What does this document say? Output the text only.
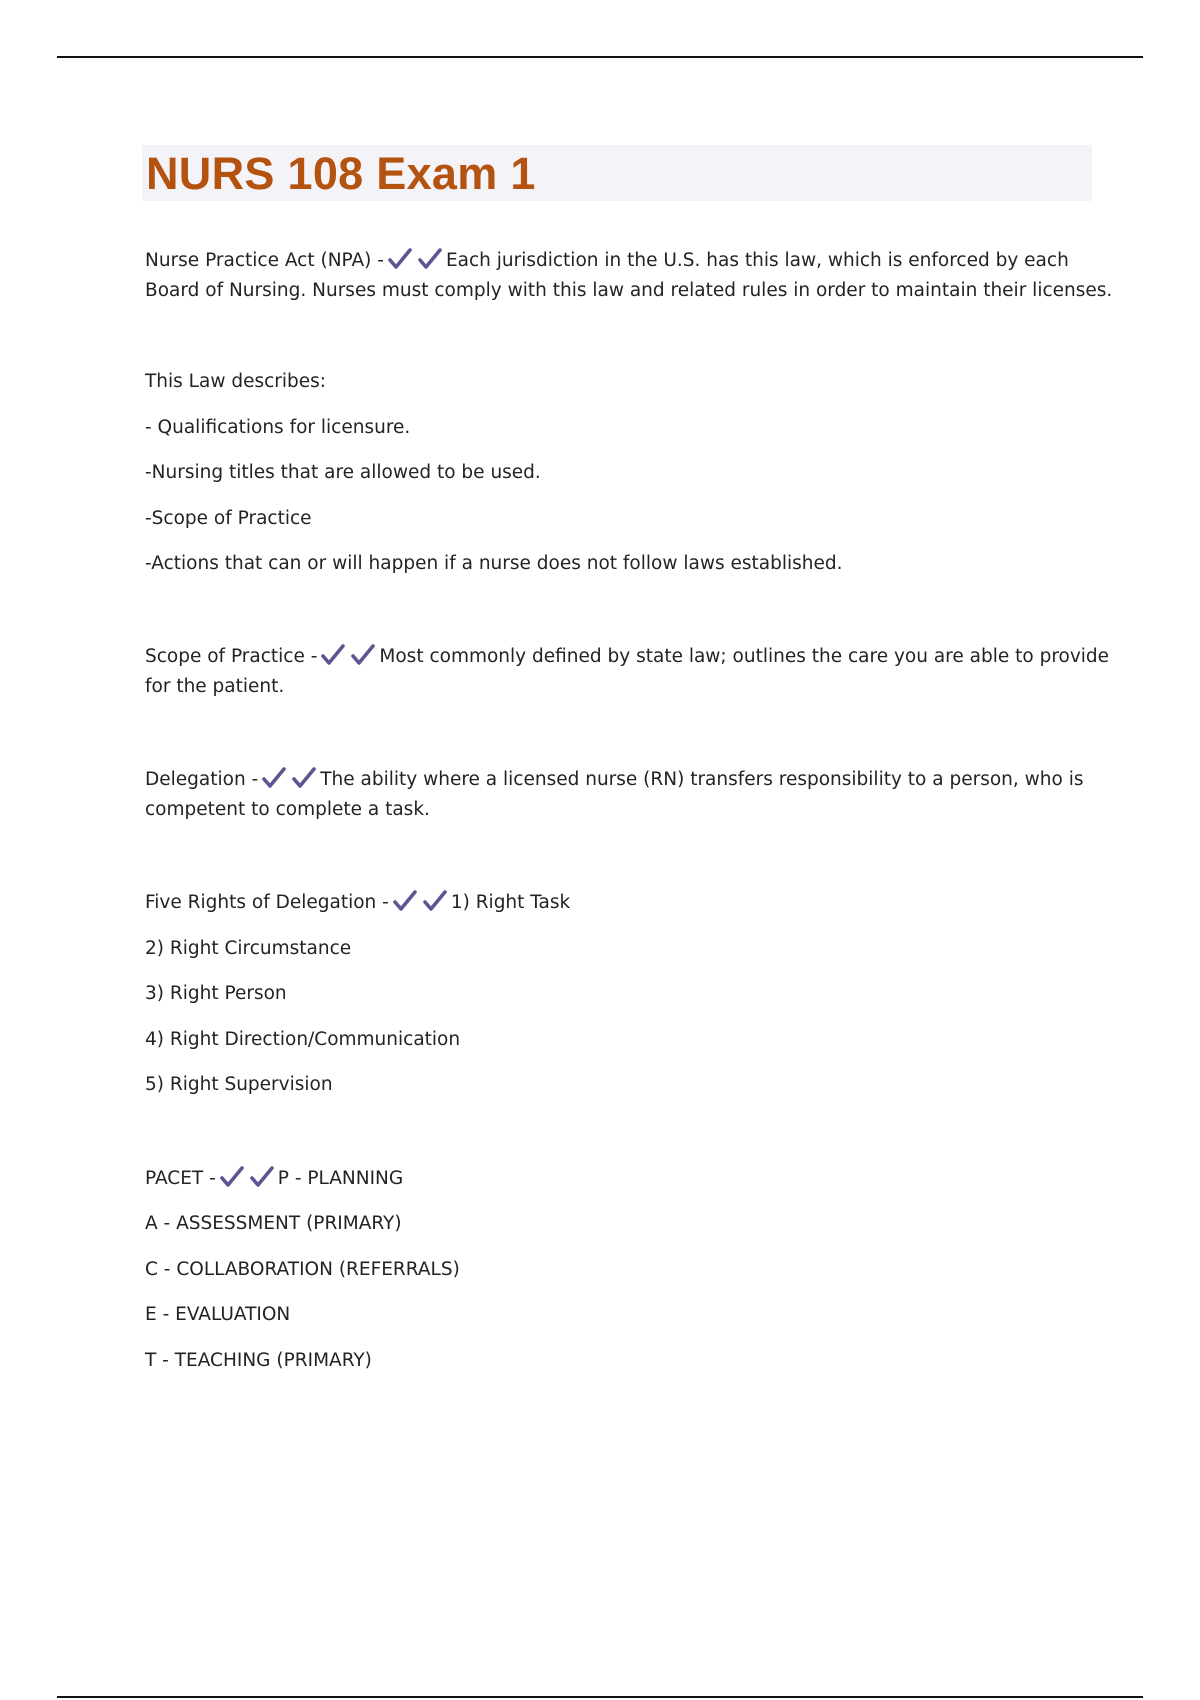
NURS 108 Exam 1

Nurse Practice Act (NPA) -	Each jurisdiction in the U.S. has this law, which is enforced by each

Board of Nursing. Nurses must comply with this law and related rules in order to maintain their licenses.

This Law describes:

- Qualifications for licensure.

-Nursing titles that are allowed to be used.

-Scope of Practice

-Actions that can or will happen if a nurse does not follow laws established.

Scope of Practice -	Most commonly defined by state law; outlines the care you are able to provide

for the patient.

Delegation -	The ability where a licensed nurse (RN) transfers responsibility to a person, who is

competent to complete a task.

Five Rights of Delegation -	1) Right Task

2) Right Circumstance

3) Right Person

4) Right Direction/Communication

5) Right Supervision

PACET -	P - PLANNING

A - ASSESSMENT (PRIMARY)

C - COLLABORATION (REFERRALS)

E - EVALUATION

T - TEACHING (PRIMARY)
